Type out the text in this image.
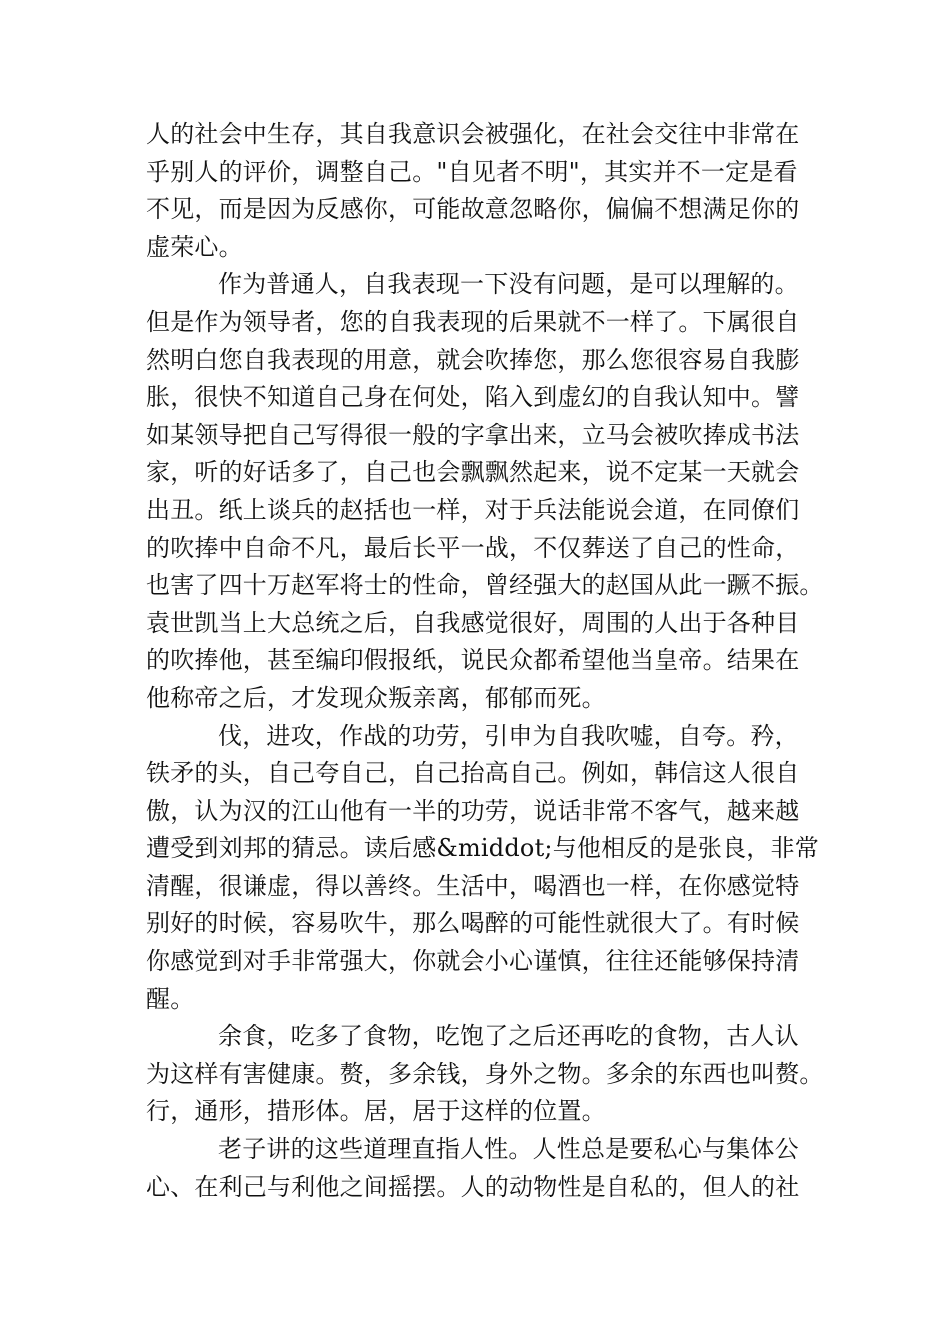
人的社会中生存，其自我意识会被强化，在社会交往中非常在
乎别人的评价，调整自己。"自见者不明"，其实并不一定是看
不见，而是因为反感你，可能故意忽略你，偏偏不想满足你的
虚荣心。
作为普通人，自我表现一下没有问题，是可以理解的。
但是作为领导者，您的自我表现的后果就不一样了。下属很自
然明白您自我表现的用意，就会吹捧您，那么您很容易自我膨
胀，很快不知道自己身在何处，陷入到虚幻的自我认知中。譬
如某领导把自己写得很一般的字拿出来，立马会被吹捧成书法
家，听的好话多了，自己也会飘飘然起来，说不定某一天就会
出丑。纸上谈兵的赵括也一样，对于兵法能说会道，在同僚们
的吹捧中自命不凡，最后长平一战，不仅葬送了自己的性命，
也害了四十万赵军将士的性命，曾经强大的赵国从此一蹶不振。
袁世凯当上大总统之后，自我感觉很好，周围的人出于各种目
的吹捧他，甚至编印假报纸，说民众都希望他当皇帝。结果在
他称帝之后，才发现众叛亲离，郁郁而死。
伐，进攻，作战的功劳，引申为自我吹嘘，自夸。矜，
铁矛的头，自己夸自己，自己抬高自己。例如，韩信这人很自
傲，认为汉的江山他有一半的功劳，说话非常不客气，越来越
遭受到刘邦的猜忌。读后感&middot;与他相反的是张良，非常
清醒，很谦虚，得以善终。生活中，喝酒也一样，在你感觉特
别好的时候，容易吹牛，那么喝醉的可能性就很大了。有时候
你感觉到对手非常强大，你就会小心谨慎，往往还能够保持清
醒。
余食，吃多了食物，吃饱了之后还再吃的食物，古人认
为这样有害健康。赘，多余钱，身外之物。多余的东西也叫赘。
行，通形，措形体。居，居于这样的位置。
老子讲的这些道理直指人性。人性总是要私心与集体公
心、在利己与利他之间摇摆。人的动物性是自私的，但人的社
